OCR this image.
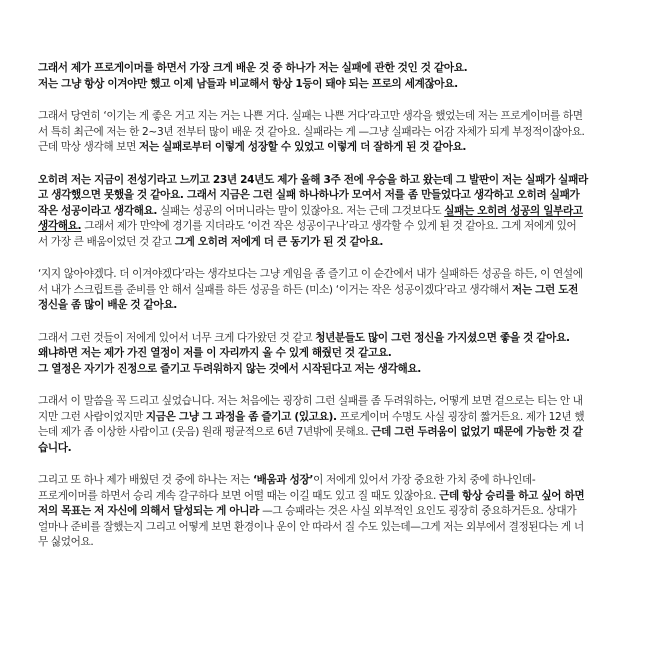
그래서 제가 프로게이머를 하면서 가장 크게 배운 것 중 하나가 저는 실패에 관한 것인 것 같아요.
저는 그냥 항상 이겨야만 했고 이제 남들과 비교해서 항상 1등이 돼야 되는 프로의 세계잖아요.
그래서 당연히 ‘이기는 게 좋은 거고 지는 거는 나쁜 거다. 실패는 나쁜 거다’라고만 생각을 했었는데 저는 프로게이머를 하면
서 특히 최근에 저는 한 2~3년 전부터 많이 배운 것 같아요. 실패라는 게 —그냥 실패라는 어감 자체가 되게 부정적이잖아요.
근데 막상 생각해 보면 저는 실패로부터 이렇게 성장할 수 있었고 이렇게 더 잘하게 된 것 같아요.
오히려 저는 지금이 전성기라고 느끼고 23년 24년도 제가 올해 3주 전에 우승을 하고 왔는데 그 발판이 저는 실패가 실패라
고 생각했으면 못했을 것 같아요. 그래서 지금은 그런 실패 하나하나가 모여서 저를 좀 만들었다고 생각하고 오히려 실패가
작은 성공이라고 생각해요. 실패는 성공의 어머니라는 말이 있잖아요. 저는 근데 그것보다도 실패는 오히려 성공의 일부라고
생각해요. 그래서 제가 만약에 경기를 지더라도 ‘이건 작은 성공이구나’라고 생각할 수 있게 된 것 같아요. 그게 저에게 있어
서 가장 큰 배움이었던 것 같고 그게 오히려 저에게 더 큰 동기가 된 것 같아요.
‘지지 않아야겠다. 더 이겨야겠다’라는 생각보다는 그냥 게임을 좀 즐기고 이 순간에서 내가 실패하든 성공을 하든, 이 연설에
서 내가 스크립트를 준비를 안 해서 실패를 하든 성공을 하든 (미소) ‘이거는 작은 성공이겠다’라고 생각해서 저는 그런 도전
정신을 좀 많이 배운 것 같아요.
그래서 그런 것들이 저에게 있어서 너무 크게 다가왔던 것 같고 청년분들도 많이 그런 정신을 가지셨으면 좋을 것 같아요.
왜냐하면 저는 제가 가진 열정이 저를 이 자리까지 올 수 있게 해줬던 것 같고요.
그 열정은 자기가 진정으로 즐기고 두려워하지 않는 것에서 시작된다고 저는 생각해요.
그래서 이 말씀을 꼭 드리고 싶었습니다. 저는 처음에는 굉장히 그런 실패를 좀 두려워하는, 어떻게 보면 겉으로는 티는 안 내
지만 그런 사람이었지만 지금은 그냥 그 과정을 좀 즐기고 (있고요). 프로게이머 수명도 사실 굉장히 짧거든요. 제가 12년 했
는데 제가 좀 이상한 사람이고 (웃음) 원래 평균적으로 6년 7년밖에 못해요. 근데 그런 두려움이 없었기 때문에 가능한 것 같
습니다.
그리고 또 하나 제가 배웠던 것 중에 하나는 저는 ‘배움과 성장’이 저에게 있어서 가장 중요한 가치 중에 하나인데-
프로게이머를 하면서 승리 계속 갈구하다 보면 어떨 때는 이길 때도 있고 질 때도 있잖아요. 근데 항상 승리를 하고 싶어 하면
저의 목표는 저 자신에 의해서 달성되는 게 아니라 —그 승패라는 것은 사실 외부적인 요인도 굉장히 중요하거든요. 상대가
얼마나 준비를 잘했는지 그리고 어떻게 보면 환경이나 운이 안 따라서 질 수도 있는데—그게 저는 외부에서 결정된다는 게 너
무 싫었어요.
